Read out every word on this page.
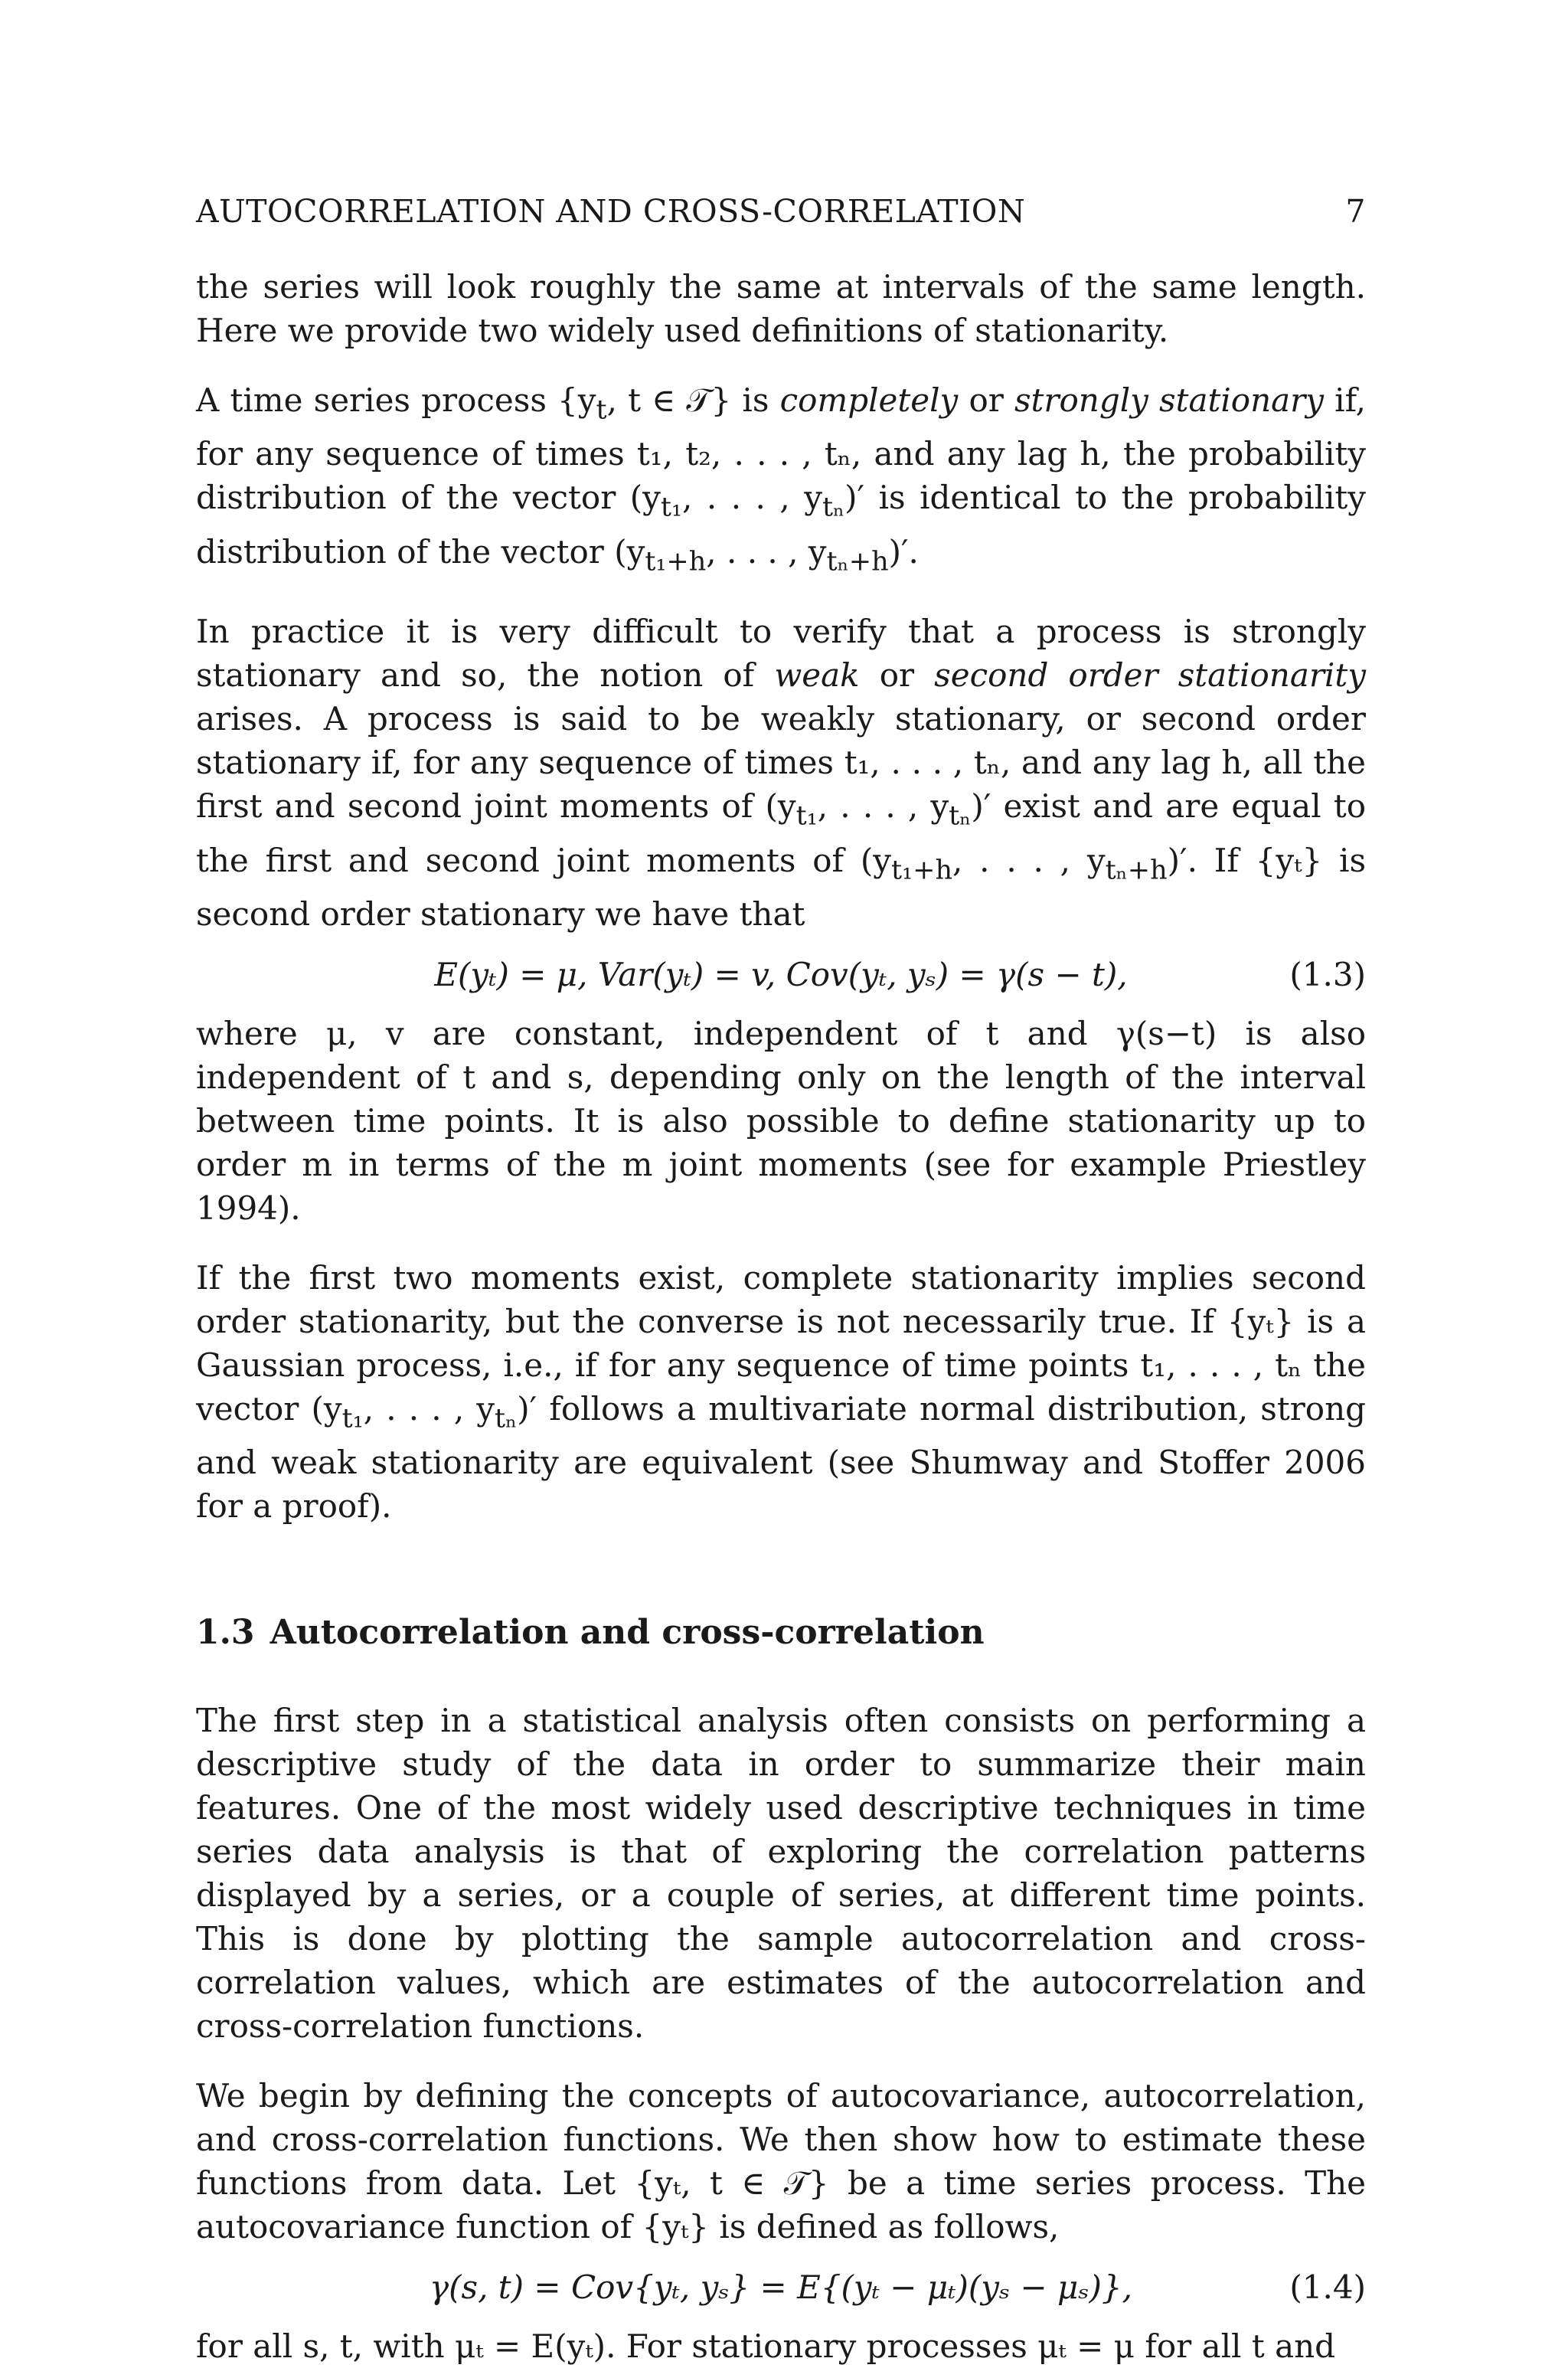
AUTOCORRELATION AND CROSS-CORRELATION	7

the series will look roughly the same at intervals of the same length. Here we provide two widely used definitions of stationarity.

A time series process {$y_t$, t ∈ 𝒯} is completely or strongly stationary if, for any sequence of times t₁, t₂, . . . , tₙ, and any lag h, the probability distribution of the vector ($y_{t_1}$, . . . , $y_{t_n})'$ is identical to the probability distribution of the vector ($y_{t_1+h}$, . . . , $y_{t_n+h})'$.

In practice it is very difficult to verify that a process is strongly stationary and so, the notion of weak or second order stationarity arises. A process is said to be weakly stationary, or second order stationary if, for any sequence of times t₁, . . . , tₙ, and any lag h, all the first and second joint moments of ($y_{t_1}$, . . . , $y_{t_n})'$ exist and are equal to the first and second joint moments of ($y_{t_1+h}$, . . . , $y_{t_n+h})'$. If {yₜ} is second order stationary we have that

E(yₜ) = μ, Var(yₜ) = v, Cov(yₜ, yₛ) = γ(s − t),	(1.3)

where μ, v are constant, independent of t and γ(s−t) is also independent of t and s, depending only on the length of the interval between time points. It is also possible to define stationarity up to order m in terms of the m joint moments (see for example Priestley 1994).

If the first two moments exist, complete stationarity implies second order stationarity, but the converse is not necessarily true. If {yₜ} is a Gaussian process, i.e., if for any sequence of time points t₁, . . . , tₙ the vector ($y_{t_1}$, . . . , $y_{t_n})'$ follows a multivariate normal distribution, strong and weak stationarity are equivalent (see Shumway and Stoffer 2006 for a proof).

1.3 Autocorrelation and cross-correlation

The first step in a statistical analysis often consists on performing a descriptive study of the data in order to summarize their main features. One of the most widely used descriptive techniques in time series data analysis is that of exploring the correlation patterns displayed by a series, or a couple of series, at different time points. This is done by plotting the sample autocorrelation and cross-correlation values, which are estimates of the autocorrelation and cross-correlation functions.

We begin by defining the concepts of autocovariance, autocorrelation, and cross-correlation functions. We then show how to estimate these functions from data. Let {yₜ, t ∈ 𝒯} be a time series process. The autocovariance function of {yₜ} is defined as follows,

γ(s, t) = Cov{yₜ, yₛ} = E{(yₜ − μₜ)(yₛ − μₛ)},	(1.4)

for all s, t, with μₜ = E(yₜ). For stationary processes μₜ = μ for all t and
